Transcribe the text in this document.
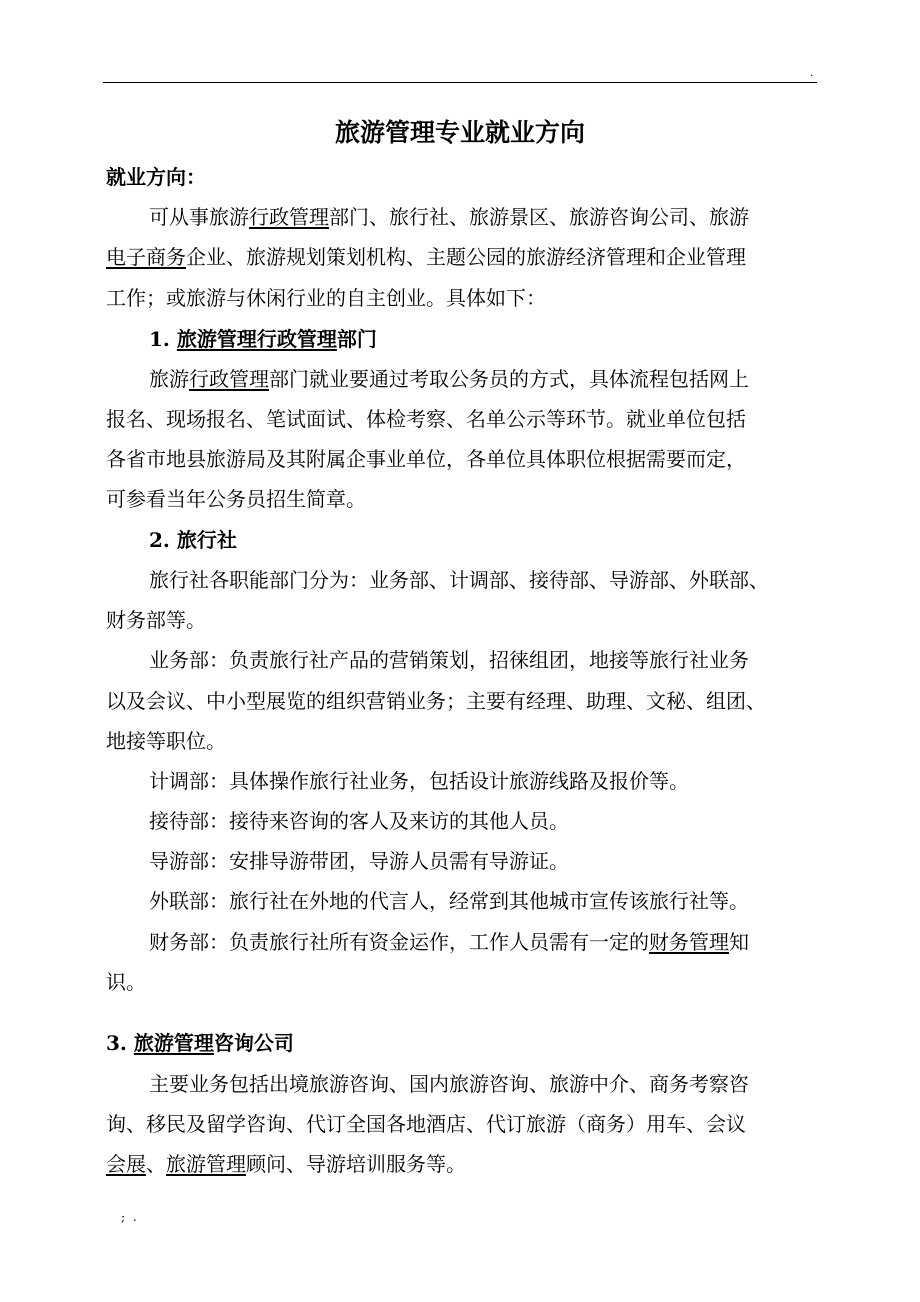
.
旅游管理专业就业方向
就业方向：
可从事旅游行政管理部门、旅行社、旅游景区、旅游咨询公司、旅游
电子商务企业、旅游规划策划机构、主题公园的旅游经济管理和企业管理
工作；或旅游与休闲行业的自主创业。具体如下：
1. 旅游管理行政管理部门
旅游行政管理部门就业要通过考取公务员的方式，具体流程包括网上
报名、现场报名、笔试面试、体检考察、名单公示等环节。就业单位包括
各省市地县旅游局及其附属企事业单位，各单位具体职位根据需要而定，
可参看当年公务员招生简章。
2. 旅行社
旅行社各职能部门分为：业务部、计调部、接待部、导游部、外联部、
财务部等。
业务部：负责旅行社产品的营销策划，招徕组团，地接等旅行社业务
以及会议、中小型展览的组织营销业务；主要有经理、助理、文秘、组团、
地接等职位。
计调部：具体操作旅行社业务，包括设计旅游线路及报价等。
接待部：接待来咨询的客人及来访的其他人员。
导游部：安排导游带团，导游人员需有导游证。
外联部：旅行社在外地的代言人，经常到其他城市宣传该旅行社等。
财务部：负责旅行社所有资金运作，工作人员需有一定的财务管理知
识。
3. 旅游管理咨询公司
主要业务包括出境旅游咨询、国内旅游咨询、旅游中介、商务考察咨
询、移民及留学咨询、代订全国各地酒店、代订旅游（商务）用车、会议
会展、旅游管理顾问、导游培训服务等。
; .
